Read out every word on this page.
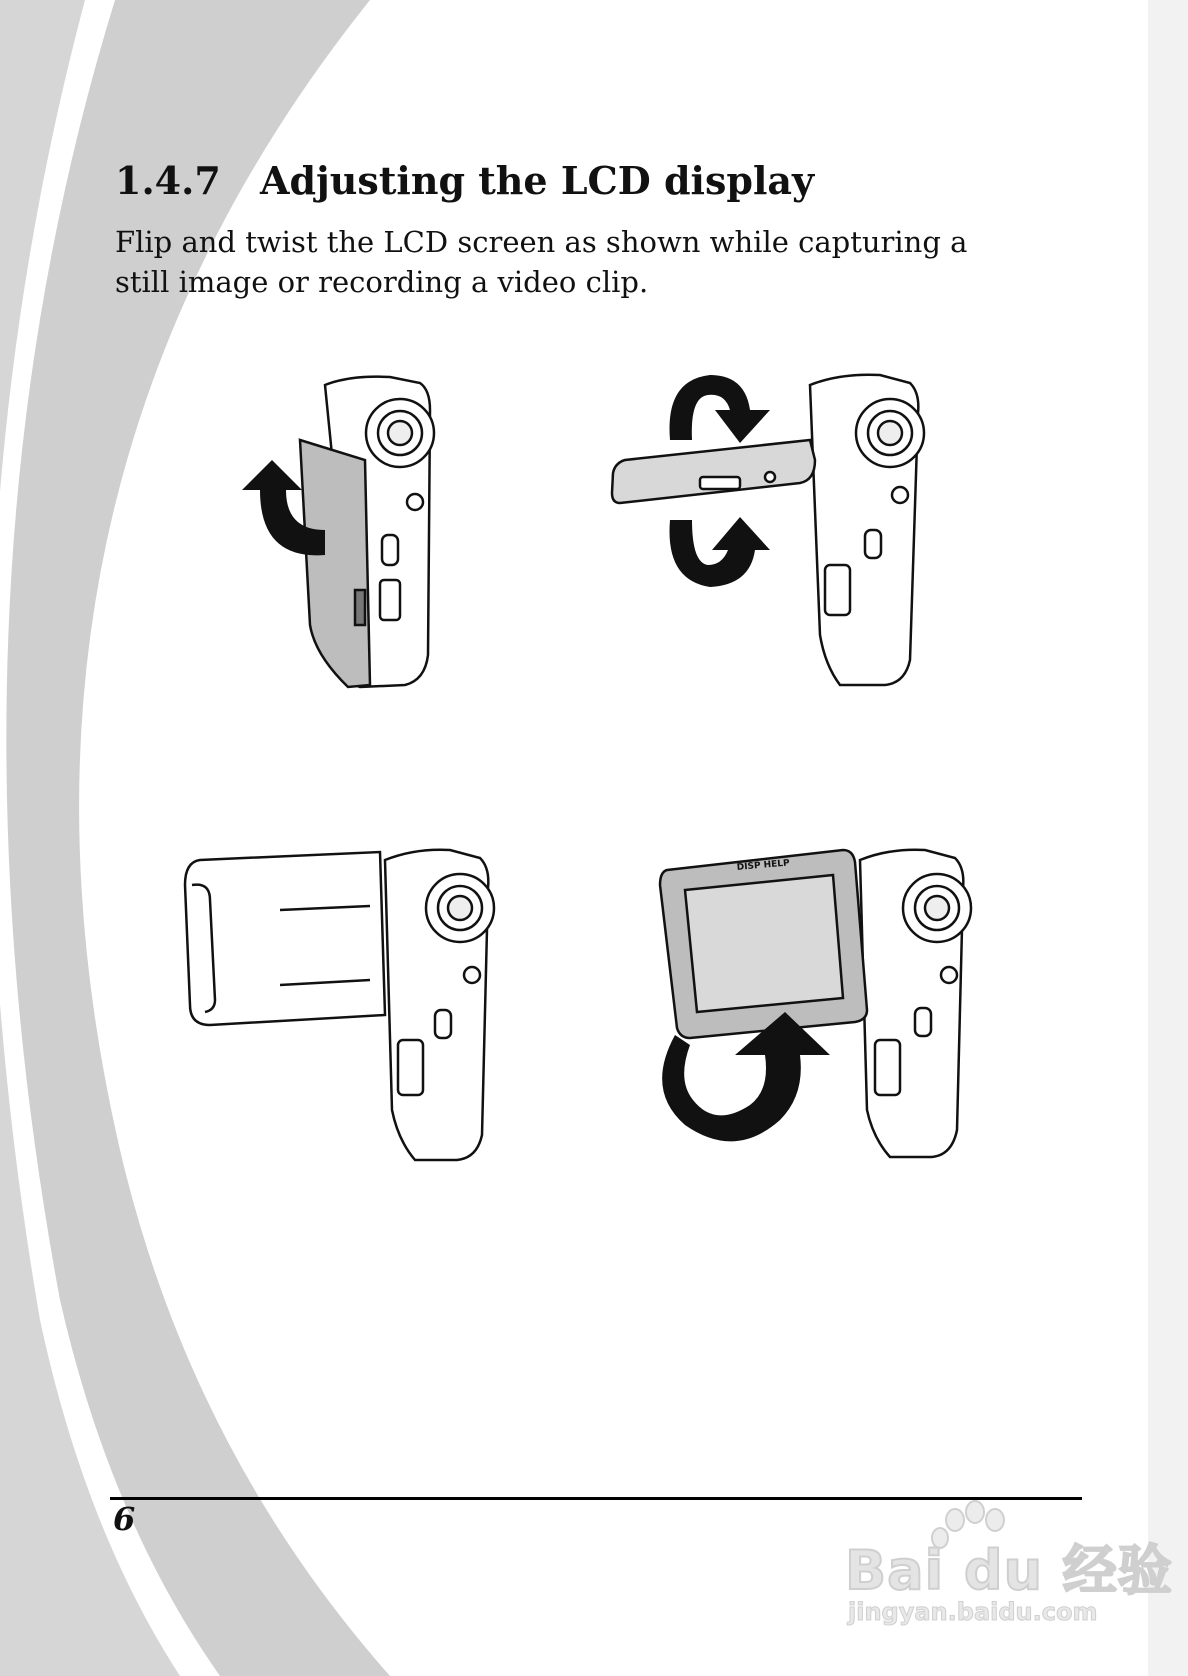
1.4.7 Adjusting the LCD display
Flip and twist the LCD screen as shown while capturing a still image or recording a video clip.
DISP HELP
6
Bai du 经验
jingyan.baidu.com
